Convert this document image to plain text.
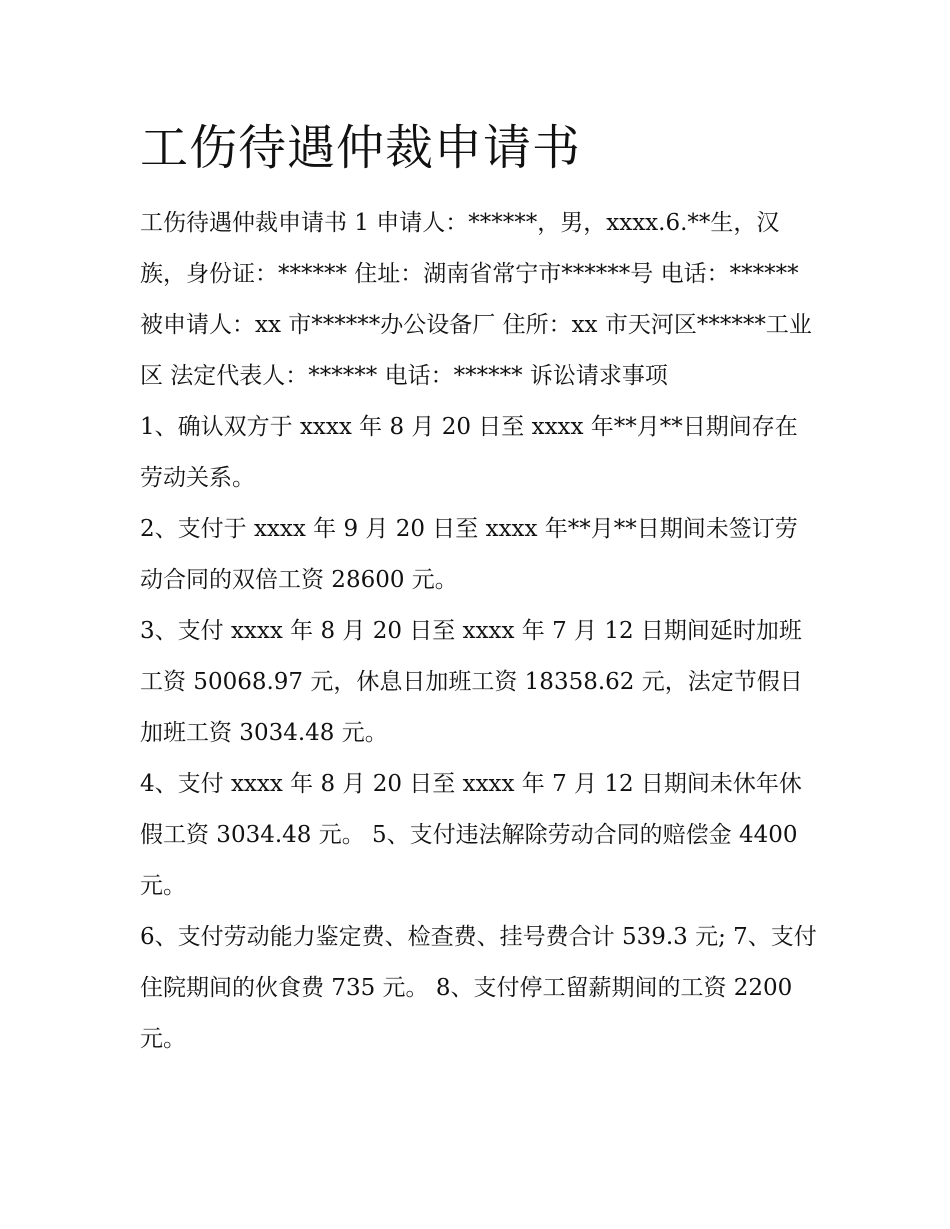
工伤待遇仲裁申请书

工伤待遇仲裁申请书 1 申请人：******，男，xxxx.6.**生，汉族，身份证：****** 住址：湖南省常宁市******号 电话：******

被申请人：xx 市******办公设备厂 住所：xx 市天河区******工业区 法定代表人：****** 电话：****** 诉讼请求事项

1、确认双方于 xxxx 年 8 月 20 日至 xxxx 年**月**日期间存在劳动关系。

2、支付于 xxxx 年 9 月 20 日至 xxxx 年**月**日期间未签订劳动合同的双倍工资 28600 元。

3、支付 xxxx 年 8 月 20 日至 xxxx 年 7 月 12 日期间延时加班工资 50068.97 元，休息日加班工资 18358.62 元，法定节假日加班工资 3034.48 元。

4、支付 xxxx 年 8 月 20 日至 xxxx 年 7 月 12 日期间未休年休假工资 3034.48 元。 5、支付违法解除劳动合同的赔偿金 4400 元。

6、支付劳动能力鉴定费、检查费、挂号费合计 539.3 元; 7、支付住院期间的伙食费 735 元。 8、支付停工留薪期间的工资 2200 元。
